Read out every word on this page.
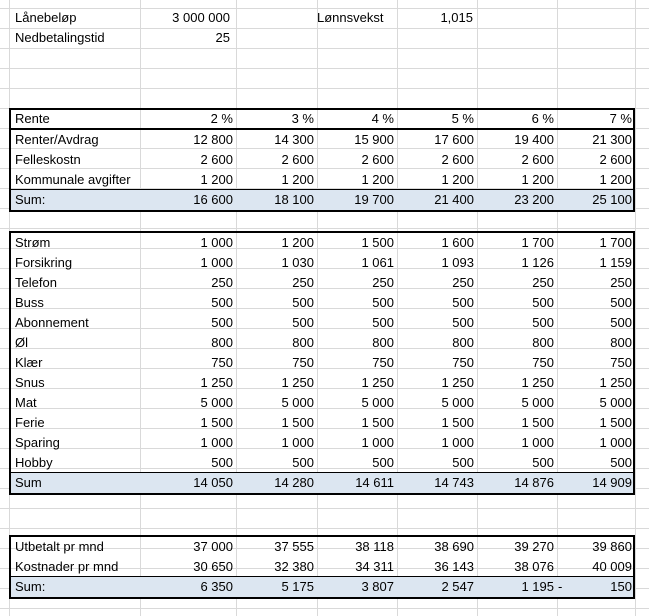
Lånebeløp	3 000 000	Lønnsvekst	1,015
Nedbetalingstid	25
Rente	2 %	3 %	4 %	5 %	6 %	7 %
Renter/Avdrag	12 800	14 300	15 900	17 600	19 400	21 300
Felleskostn	2 600	2 600	2 600	2 600	2 600	2 600
Kommunale avgifter	1 200	1 200	1 200	1 200	1 200	1 200
Sum:	16 600	18 100	19 700	21 400	23 200	25 100
Strøm	1 000	1 200	1 500	1 600	1 700	1 700
Forsikring	1 000	1 030	1 061	1 093	1 126	1 159
Telefon	250	250	250	250	250	250
Buss	500	500	500	500	500	500
Abonnement	500	500	500	500	500	500
Øl	800	800	800	800	800	800
Klær	750	750	750	750	750	750
Snus	1 250	1 250	1 250	1 250	1 250	1 250
Mat	5 000	5 000	5 000	5 000	5 000	5 000
Ferie	1 500	1 500	1 500	1 500	1 500	1 500
Sparing	1 000	1 000	1 000	1 000	1 000	1 000
Hobby	500	500	500	500	500	500
Sum	14 050	14 280	14 611	14 743	14 876	14 909
Utbetalt pr mnd	37 000	37 555	38 118	38 690	39 270	39 860
Kostnader pr mnd	30 650	32 380	34 311	36 143	38 076	40 009
Sum:	6 350	5 175	3 807	2 547	1 195	150
-
